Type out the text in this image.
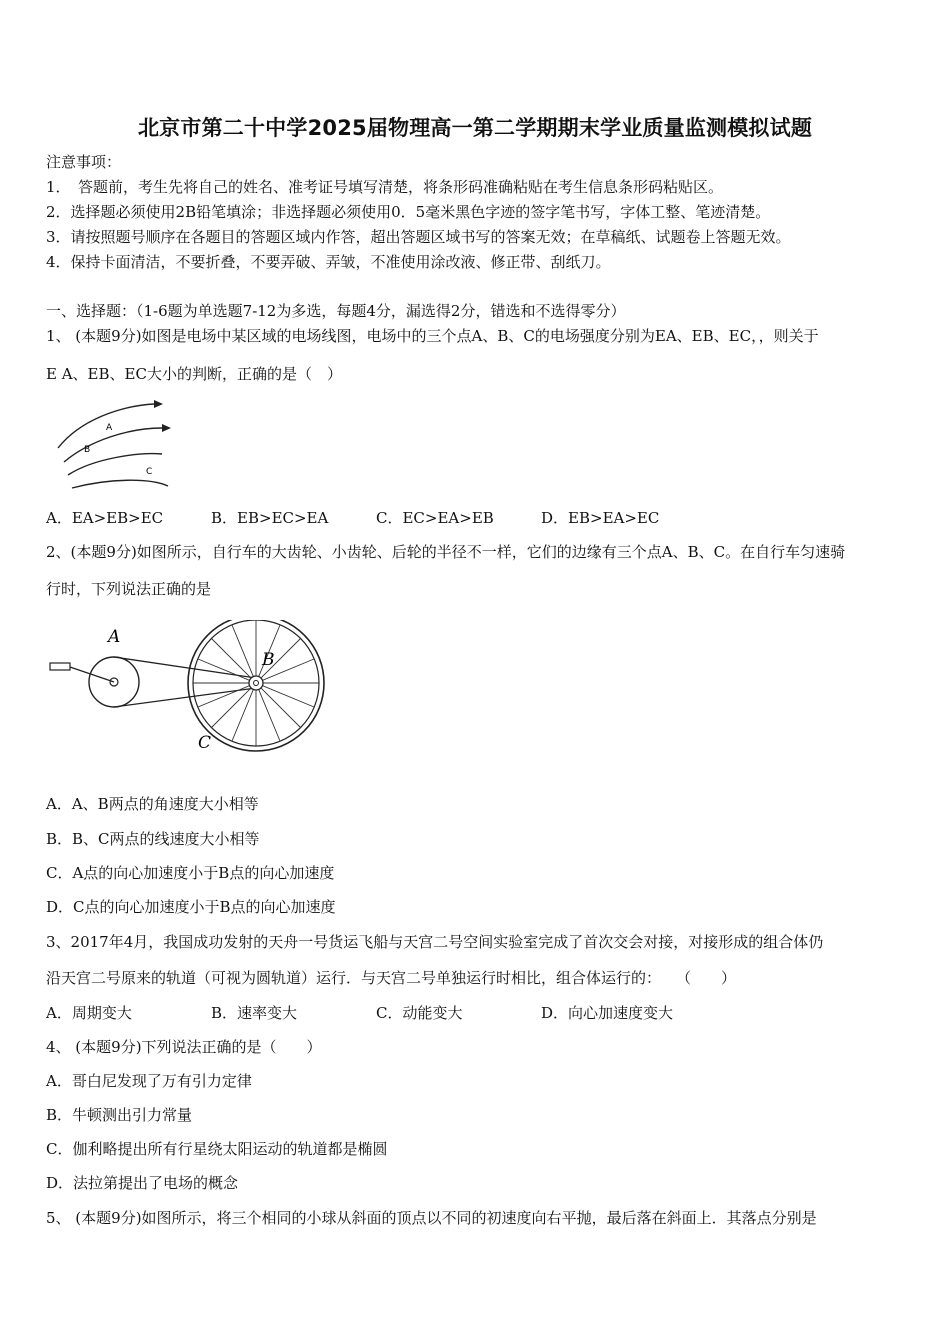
北京市第二十中学2025届物理高一第二学期期末学业质量监测模拟试题
注意事项：
1．　答题前，考生先将自己的姓名、准考证号填写清楚，将条形码准确粘贴在考生信息条形码粘贴区。
2．选择题必须使用2B铅笔填涂；非选择题必须使用0．5毫米黑色字迹的签字笔书写，字体工整、笔迹清楚。
3．请按照题号顺序在各题目的答题区域内作答，超出答题区域书写的答案无效；在草稿纸、试题卷上答题无效。
4．保持卡面清洁，不要折叠，不要弄破、弄皱，不准使用涂改液、修正带、刮纸刀。
一、选择题：（1-6题为单选题7-12为多选，每题4分，漏选得2分，错选和不选得零分）
1、 (本题9分)如图是电场中某区域的电场线图，电场中的三个点A、B、C的电场强度分别为EA、EB、EC，，则关于
E A、EB、EC大小的判断，正确的是（　）
A
B
C
A．EA>EB>EC	B．EB>EC>EA	C．EC>EA>EB	D．EB>EA>EC
2、(本题9分)如图所示，自行车的大齿轮、小齿轮、后轮的半径不一样，它们的边缘有三个点A、B、C。在自行车匀速骑
行时，下列说法正确的是
A
B
C
A．A、B两点的角速度大小相等
B．B、C两点的线速度大小相等
C．A点的向心加速度小于B点的向心加速度
D．C点的向心加速度小于B点的向心加速度
3、2017年4月，我国成功发射的天舟一号货运飞船与天宫二号空间实验室完成了首次交会对接，对接形成的组合体仍
沿天宫二号原来的轨道（可视为圆轨道）运行．与天宫二号单独运行时相比，组合体运行的：　　（　　）
A．周期变大	B．速率变大	C．动能变大	D．向心加速度变大
4、 (本题9分)下列说法正确的是（　　）
A．哥白尼发现了万有引力定律
B．牛顿测出引力常量
C．伽利略提出所有行星绕太阳运动的轨道都是椭圆
D．法拉第提出了电场的概念
5、 (本题9分)如图所示，将三个相同的小球从斜面的顶点以不同的初速度向右平抛，最后落在斜面上．其落点分别是
